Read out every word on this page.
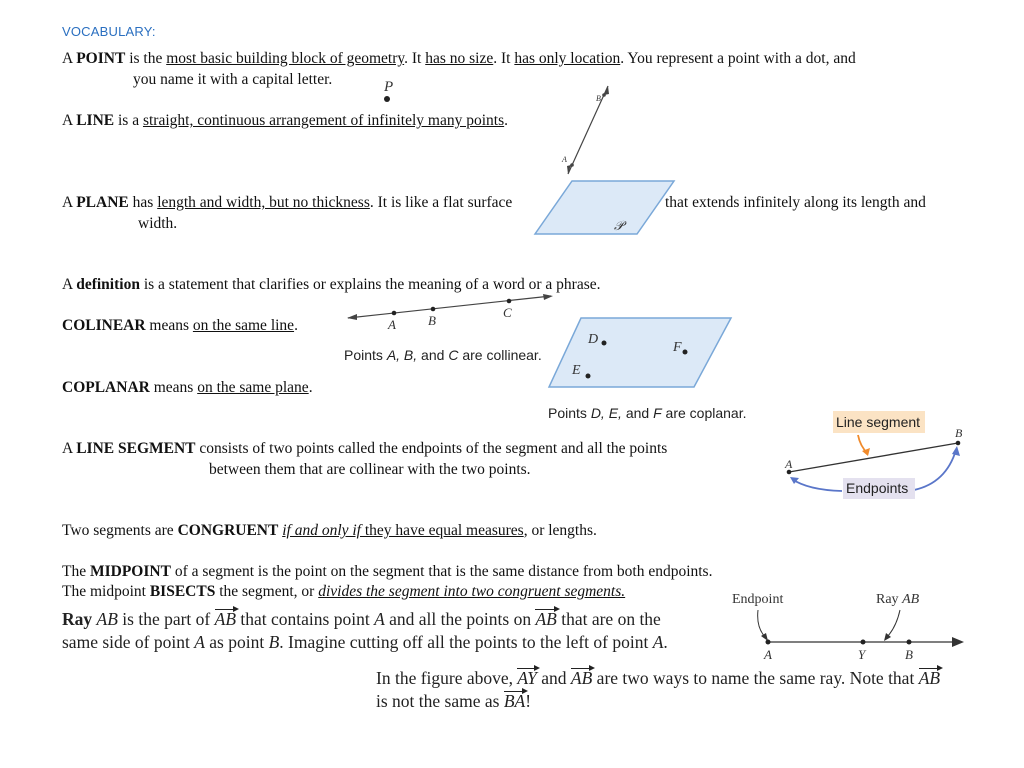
VOCABULARY:
A POINT is the most basic building block of geometry. It has no size. It has only location. You represent a point with a dot, and
you name it with a capital letter.	P
A LINE is a straight, continuous arrangement of infinitely many points.
B
A
A PLANE has length and width, but no thickness. It is like a flat surface	that extends infinitely along its length and
width.	𝒫
A definition is a statement that clarifies or explains the meaning of a word or a phrase.
COLINEAR means on the same line.	A B
C
Points A, B, and C are collinear.
COPLANAR means on the same plane.
D
F
E
Points D, E, and F are coplanar.
A LINE SEGMENT consists of two points called the endpoints of the segment and all the points
between them that are collinear with the two points.
Line segment
A
B
Endpoints
Two segments are CONGRUENT if and only if they have equal measures, or lengths.
The MIDPOINT of a segment is the point on the segment that is the same distance from both endpoints.
The midpoint BISECTS the segment, or divides the segment into two congruent segments.
Ray AB is the part of AB that contains point A and all the points on AB that are on the
same side of point A as point B. Imagine cutting off all the points to the left of point A.
Endpoint	Ray AB
A	Y	B
In the figure above, AY and AB are two ways to name the same ray. Note that AB
is not the same as BA!
